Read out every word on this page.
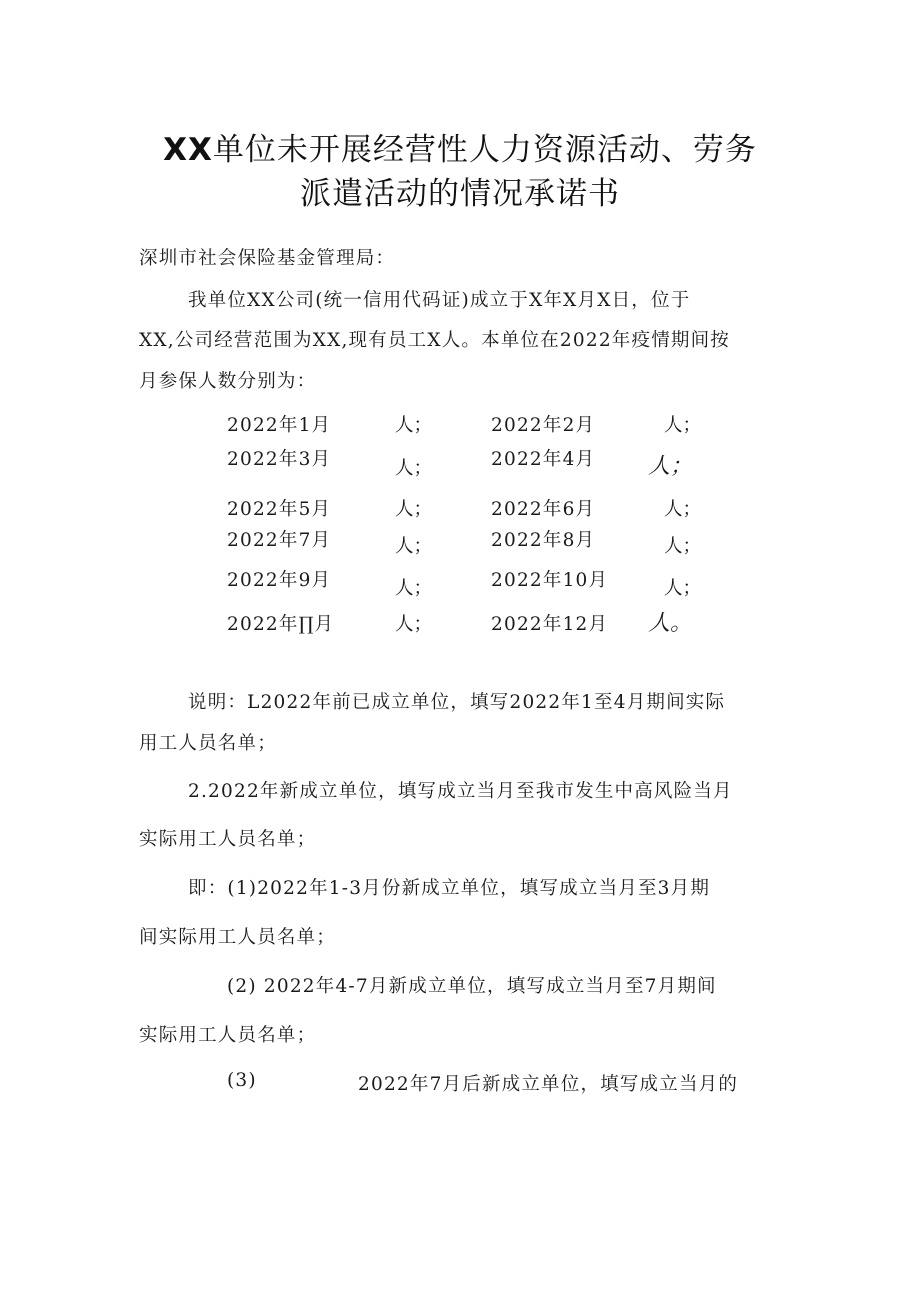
XX单位未开展经营性人力资源活动、劳务
派遣活动的情况承诺书
深圳市社会保险基金管理局：
我单位XX公司(统一信用代码证)成立于X年X月X日，位于
XX,公司经营范围为XX,现有员工X人。本单位在2022年疫情期间按
月参保人数分别为：
2022年1月	人；	2022年2月	人；
2022年3月	人；	2022年4月 人；
2022年5月	人；	2022年6月	人；
2022年7月	人；	2022年8月	人；
2022年9月	人；	2022年10月	人；
2022年∏月	人；	2022年12月 人。
说明：L2022年前已成立单位，填写2022年1至4月期间实际
用工人员名单；
2.2022年新成立单位，填写成立当月至我市发生中高风险当月
实际用工人员名单；
即：(1)2022年1-3月份新成立单位，填写成立当月至3月期
间实际用工人员名单；
(2) 2022年4-7月新成立单位，填写成立当月至7月期间
实际用工人员名单；
(3)	2022年7月后新成立单位，填写成立当月的
